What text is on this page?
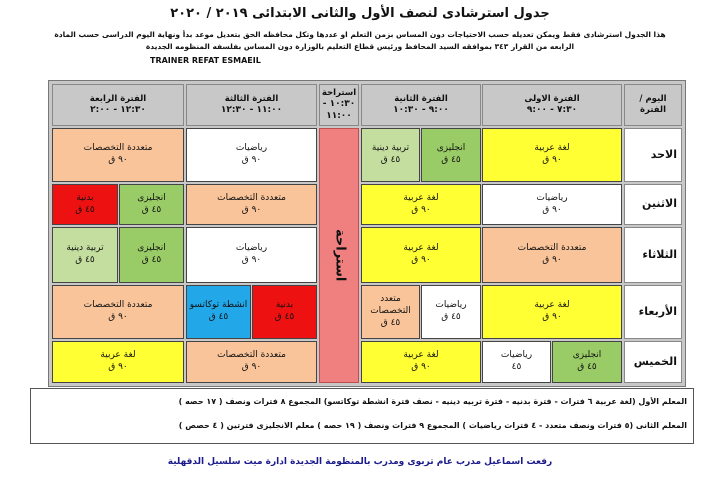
جدول استرشادى لنصف الأول والثانى الابتدائى ٢٠١٩ / ٢٠٢٠
هذا الجدول استرشادى فقط ويمكن تعديله حسب الاحتياجات دون المساس بزمن التعلم او عددها وتكل محافظه الحق بتعديل موعد بدأ ونهاية اليوم الدراسى حسب المادة
الرابعه من القرار ٣٤٣ بموافقه السيد المحافظ ورئيس قطاع التعليم بالوزارة دون المساس بفلسفه المنظومه الجديدة
TRAINER REFAT ESMAEIL
اليوم / الفترة
الفترة الاولى
٧:٣٠ - ٩:٠٠
الفترة الثانية
٩:٠٠ - ١٠:٣٠
استراحة
١٠:٣٠ - ١١:٠٠
الفترة الثالثة
١١:٠٠ - ١٢:٣٠
الفترة الرابعة
١٢:٣٠ - ٢:٠٠
الاحد
الاثنين
الثلاثاء
الأربعاء
الخميس
استراحة
لغة عربية
٩٠ ق
انجليزى
٤٥ ق
تربية دينية
٤٥ ق
رياضيات
٩٠ ق
متعددة التخصصات
٩٠ ق
رياضيات
٩٠ ق
لغة عربية
٩٠ ق
متعددة التخصصات
٩٠ ق
انجليزى
٤٥ ق
بدنية
٤٥ ق
متعددة التخصصات
٩٠ ق
لغة عربية
٩٠ ق
رياضيات
٩٠ ق
انجليزى
٤٥ ق
تربية دينية
٤٥ ق
لغة عربية
٩٠ ق
رياضيات
٤٥ ق
متعدد
التخصصات
٤٥ ق
بدنية
٤٥ ق
انشطة توكاتسو
٤٥ ق
متعددة التخصصات
٩٠ ق
انجليزى
٤٥ ق
رياضيات
٤٥
لغة عربية
٩٠ ق
متعددة التخصصات
٩٠ ق
لغة عربية
٩٠ ق
المعلم الأول (لغة عربية ٦ فترات - فترة بدنيه - فترة تربيه دينيه - نصف فترة انشطة توكاتسو) المجموع ٨ فترات ونصف ( ١٧ حصه )
المعلم الثانى (٥ فترات ونصف متعدد - ٤ فترات رياضيات ) المجموع ٩ فترات ونصف ( ١٩ حصه ) معلم الانجليزى فترتين ( ٤ حصص )
رفعت اسماعيل مدرب عام تربوى ومدرب بالمنظومة الجديدة ادارة ميت سلسيل الدقهلية
